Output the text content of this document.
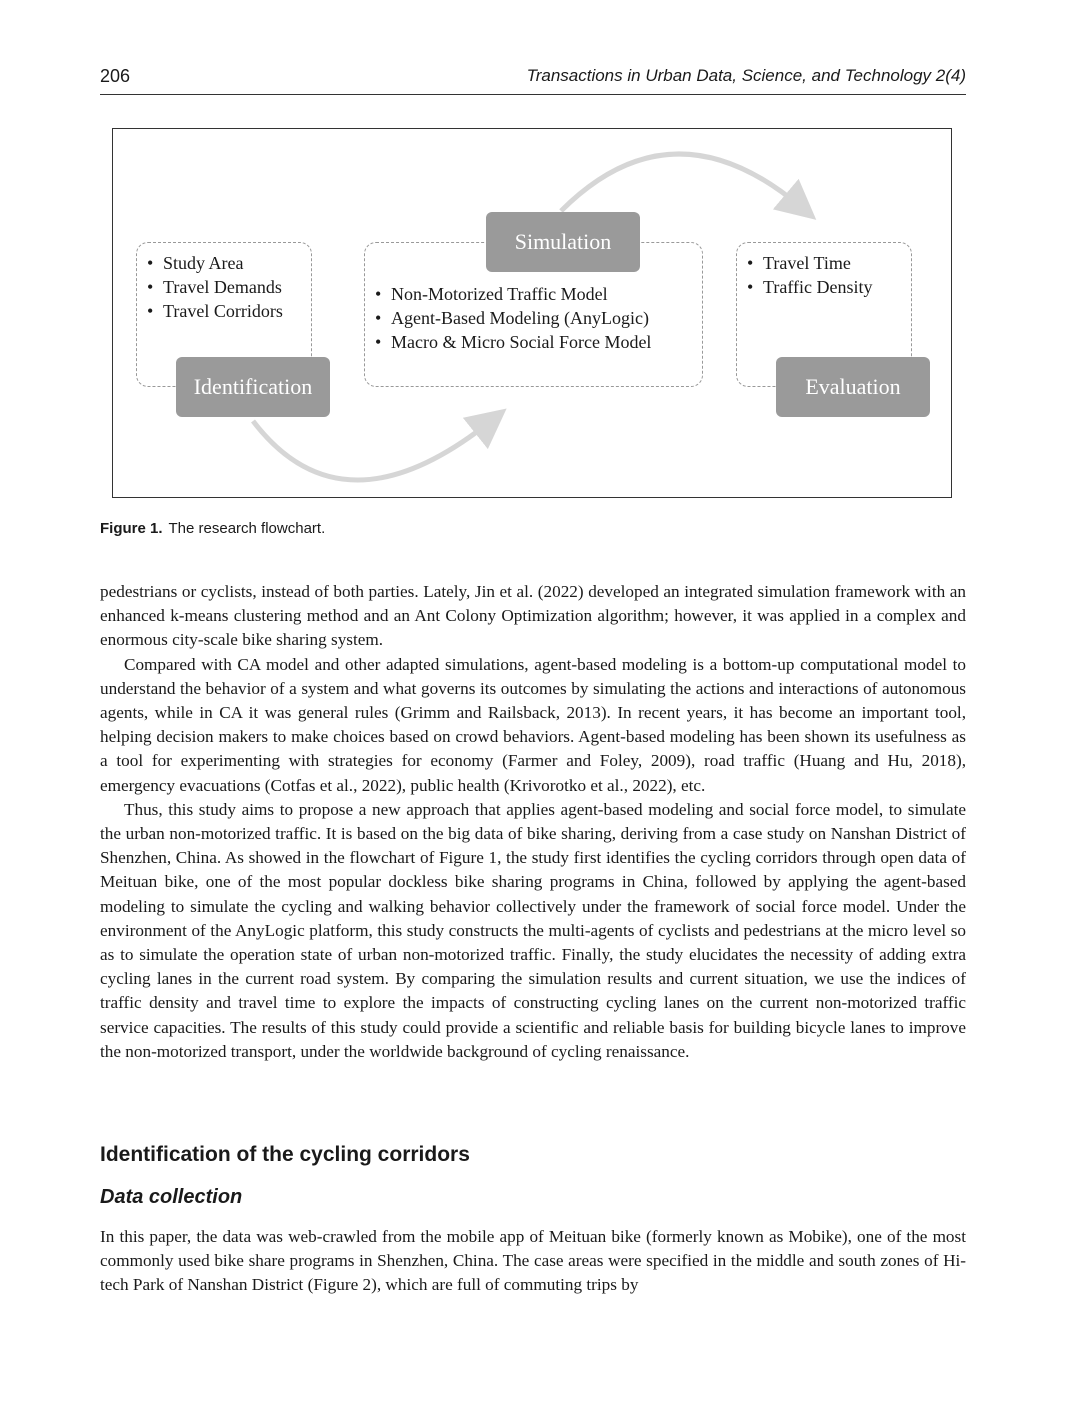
206	Transactions in Urban Data, Science, and Technology 2(4)
• Study Area
• Travel Demands
• Travel Corridors
Identification
• Non-Motorized Traffic Model
• Agent-Based Modeling (AnyLogic)
• Macro & Micro Social Force Model
Simulation
• Travel Time
• Traffic Density
Evaluation
Figure 1. The research flowchart.

pedestrians or cyclists, instead of both parties. Lately, Jin et al. (2022) developed an integrated simulation framework with an enhanced k-means clustering method and an Ant Colony Optimization algorithm; however, it was applied in a complex and enormous city-scale bike sharing system.

Compared with CA model and other adapted simulations, agent-based modeling is a bottom-up computational model to understand the behavior of a system and what governs its outcomes by simulating the actions and interactions of autonomous agents, while in CA it was general rules (Grimm and Railsback, 2013). In recent years, it has become an important tool, helping decision makers to make choices based on crowd behaviors. Agent-based modeling has been shown its usefulness as a tool for experimenting with strategies for economy (Farmer and Foley, 2009), road traffic (Huang and Hu, 2018), emergency evacuations (Cotfas et al., 2022), public health (Krivorotko et al., 2022), etc.

Thus, this study aims to propose a new approach that applies agent-based modeling and social force model, to simulate the urban non-motorized traffic. It is based on the big data of bike sharing, deriving from a case study on Nanshan District of Shenzhen, China. As showed in the flowchart of Figure 1, the study first identifies the cycling corridors through open data of Meituan bike, one of the most popular dockless bike sharing programs in China, followed by applying the agent-based modeling to simulate the cycling and walking behavior collectively under the framework of social force model. Under the environment of the AnyLogic platform, this study constructs the multi-agents of cyclists and pedestrians at the micro level so as to simulate the operation state of urban non-motorized traffic. Finally, the study elucidates the necessity of adding extra cycling lanes in the current road system. By comparing the simulation results and current situation, we use the indices of traffic density and travel time to explore the impacts of constructing cycling lanes on the current non-motorized traffic service capacities. The results of this study could provide a scientific and reliable basis for building bicycle lanes to improve the non-motorized transport, under the worldwide background of cycling renaissance.

Identification of the cycling corridors
Data collection

In this paper, the data was web-crawled from the mobile app of Meituan bike (formerly known as Mobike), one of the most commonly used bike share programs in Shenzhen, China. The case areas were specified in the middle and south zones of Hi-tech Park of Nanshan District (Figure 2), which are full of commuting trips by
